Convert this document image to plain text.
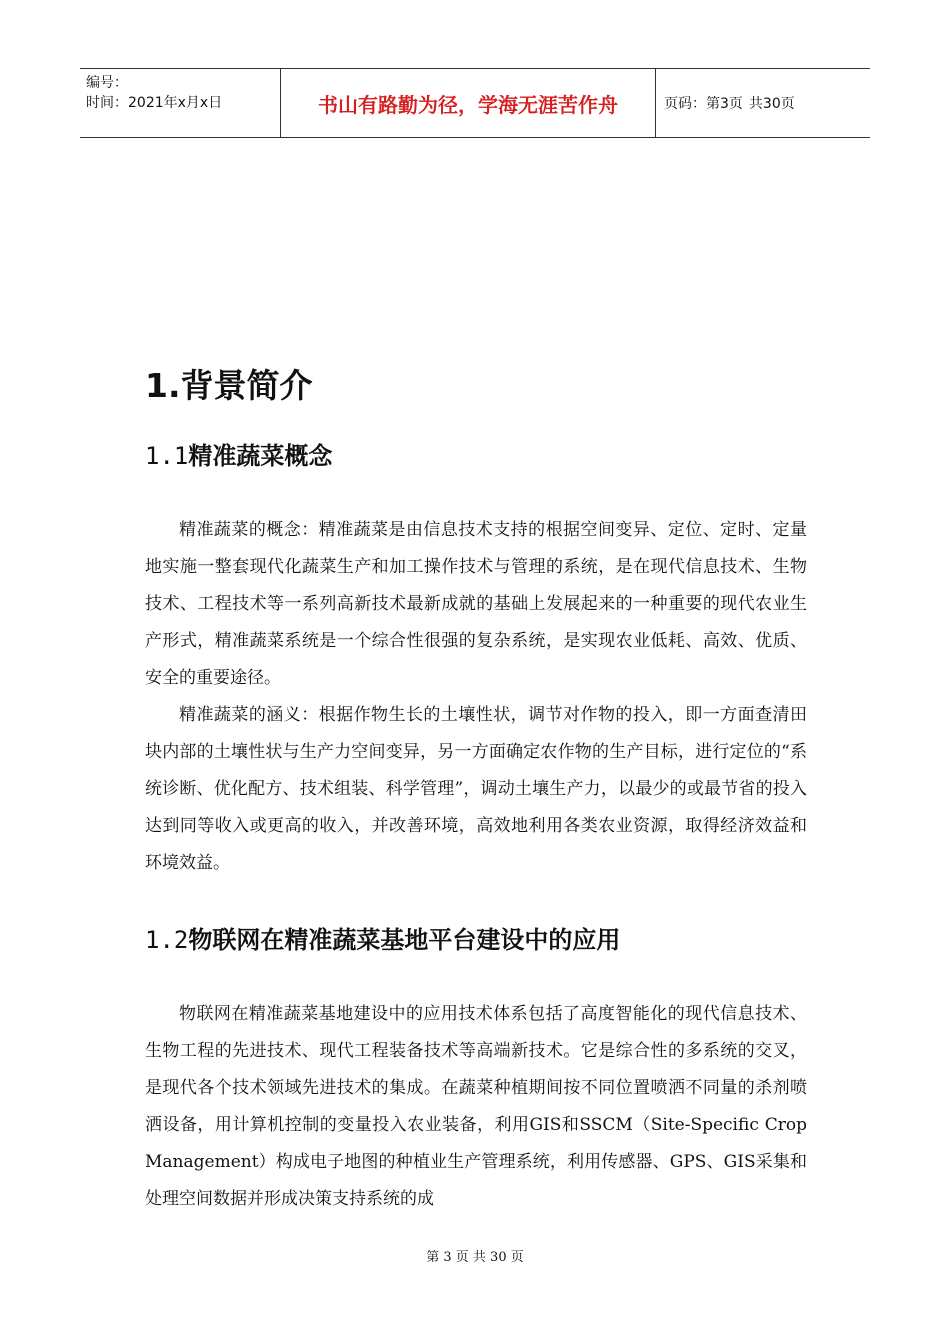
编号：
时间：2021年x月x日	书山有路勤为径，学海无涯苦作舟	页码：第3页 共30页
1.背景简介
1.1精准蔬菜概念

精准蔬菜的概念：精准蔬菜是由信息技术支持的根据空间变异、定位、定时、定量地实施一整套现代化蔬菜生产和加工操作技术与管理的系统，是在现代信息技术、生物技术、工程技术等一系列高新技术最新成就的基础上发展起来的一种重要的现代农业生产形式，精准蔬菜系统是一个综合性很强的复杂系统，是实现农业低耗、高效、优质、安全的重要途径。

精准蔬菜的涵义：根据作物生长的土壤性状，调节对作物的投入，即一方面查清田块内部的土壤性状与生产力空间变异，另一方面确定农作物的生产目标，进行定位的“系统诊断、优化配方、技术组装、科学管理”，调动土壤生产力，以最少的或最节省的投入达到同等收入或更高的收入，并改善环境，高效地利用各类农业资源，取得经济效益和环境效益。

1.2物联网在精准蔬菜基地平台建设中的应用

物联网在精准蔬菜基地建设中的应用技术体系包括了高度智能化的现代信息技术、生物工程的先进技术、现代工程装备技术等高端新技术。它是综合性的多系统的交叉，是现代各个技术领域先进技术的集成。在蔬菜种植期间按不同位置喷洒不同量的杀剂喷洒设备，用计算机控制的变量投入农业装备，利用GIS和SSCM（Site-Specific Crop Management）构成电子地图的种植业生产管理系统，利用传感器、GPS、GIS采集和处理空间数据并形成决策支持系统的成

第 3 页 共 30 页
